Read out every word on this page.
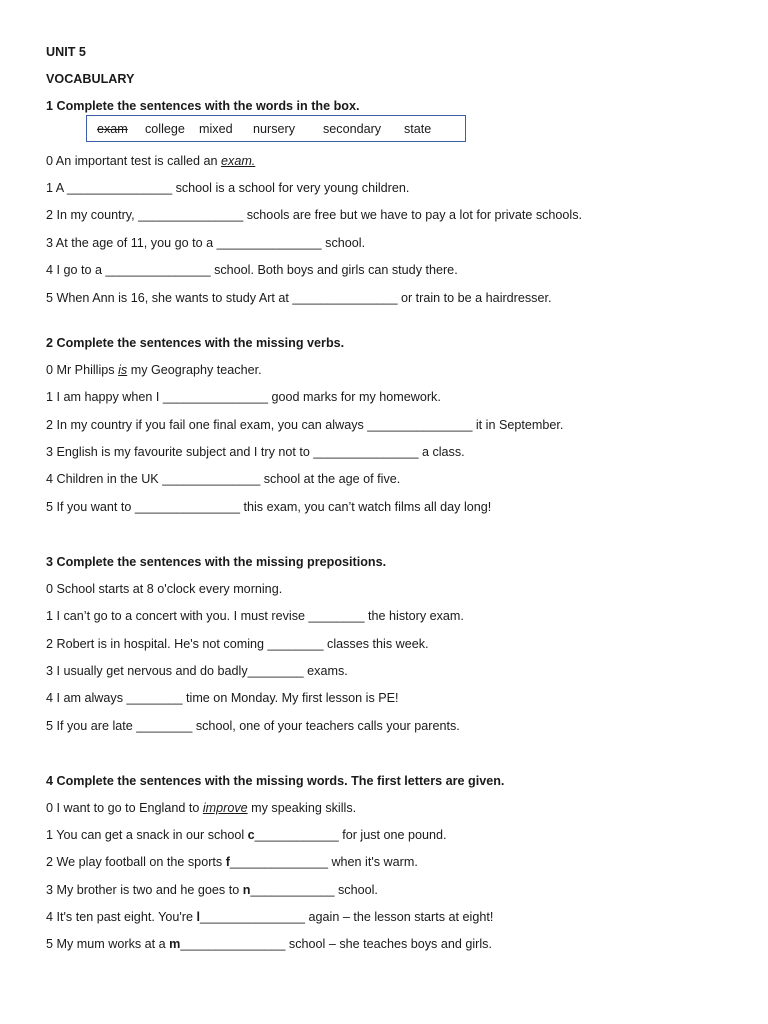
UNIT 5
VOCABULARY
1 Complete the sentences with the words in the box.
exam college mixed nursery secondary state
0 An important test is called an exam.
1 A _______________ school is a school for very young children.
2 In my country, _______________ schools are free but we have to pay a lot for private schools.
3 At the age of 11, you go to a _______________ school.
4 I go to a _______________ school. Both boys and girls can study there.
5 When Ann is 16, she wants to study Art at _______________ or train to be a hairdresser.
2 Complete the sentences with the missing verbs.
0 Mr Phillips is my Geography teacher.
1 I am happy when I _______________ good marks for my homework.
2 In my country if you fail one final exam, you can always _______________ it in September.
3 English is my favourite subject and I try not to _______________ a class.
4 Children in the UK ______________ school at the age of five.
5 If you want to _______________ this exam, you can’t watch films all day long!
3 Complete the sentences with the missing prepositions.
0 School starts at 8 o'clock every morning.
1 I can’t go to a concert with you. I must revise ________ the history exam.
2 Robert is in hospital. He's not coming ________ classes this week.
3 I usually get nervous and do badly________ exams.
4 I am always ________ time on Monday. My first lesson is PE!
5 If you are late ________ school, one of your teachers calls your parents.
4 Complete the sentences with the missing words. The first letters are given.
0 I want to go to England to improve my speaking skills.
1 You can get a snack in our school c____________ for just one pound.
2 We play football on the sports f______________ when it's warm.
3 My brother is two and he goes to n____________ school.
4 It's ten past eight. You're l_______________ again – the lesson starts at eight!
5 My mum works at a m_______________ school – she teaches boys and girls.
